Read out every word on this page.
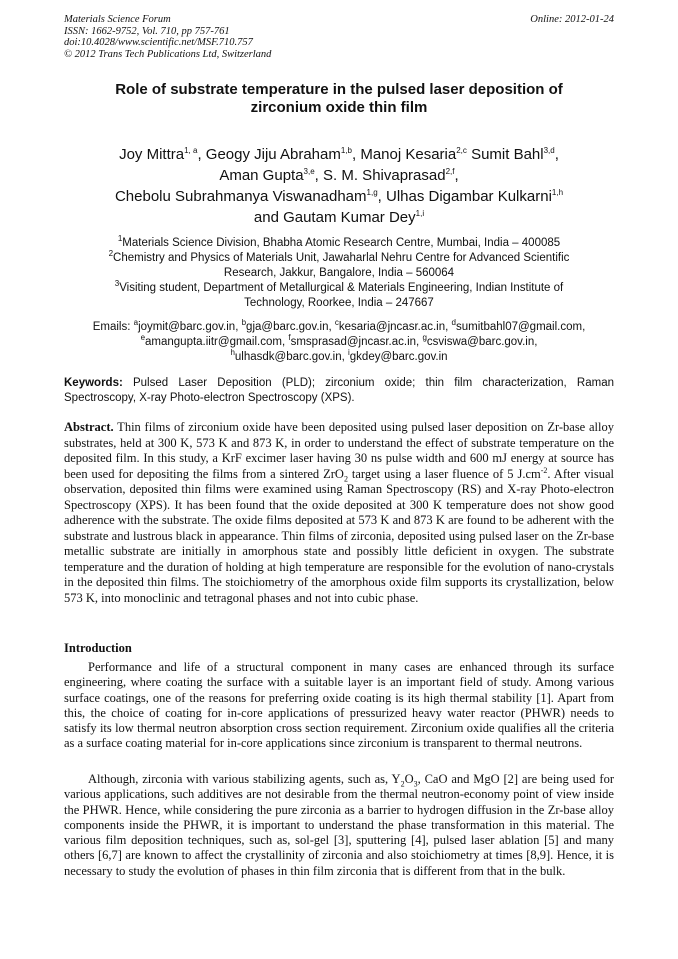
Materials Science Forum
ISSN: 1662-9752, Vol. 710, pp 757-761
doi:10.4028/www.scientific.net/MSF.710.757
© 2012 Trans Tech Publications Ltd, Switzerland
Online: 2012-01-24
Role of substrate temperature in the pulsed laser deposition of
zirconium oxide thin film
Joy Mittra$^{1, a}$, Geogy Jiju Abraham$^{1,b}$, Manoj Kesaria$^{2,c}$ Sumit Bahl$^{3,d}$,
Aman Gupta$^{3,e}$, S. M. Shivaprasad$^{2,f}$,
Chebolu Subrahmanya Viswanadham$^{1,g}$, Ulhas Digambar Kulkarni$^{1,h}$
and Gautam Kumar Dey$^{1,i}$
$^1$Materials Science Division, Bhabha Atomic Research Centre, Mumbai, India – 400085
$^2$Chemistry and Physics of Materials Unit, Jawaharlal Nehru Centre for Advanced Scientific
Research, Jakkur, Bangalore, India – 560064
$^3$Visiting student, Department of Metallurgical & Materials Engineering, Indian Institute of
Technology, Roorkee, India – 247667
Emails: $^a$joymit@barc.gov.in, $^b$gja@barc.gov.in, $^c$kesaria@jncasr.ac.in, $^d$sumitbahl07@gmail.com,
$^e$amangupta.iitr@gmail.com, $^f$smsprasad@jncasr.ac.in, $^g$csviswa@barc.gov.in,
$^h$ulhasdk@barc.gov.in, $^i$gkdey@barc.gov.in
Keywords: Pulsed Laser Deposition (PLD); zirconium oxide; thin film characterization, Raman Spectroscopy, X-ray Photo-electron Spectroscopy (XPS).
Abstract. Thin films of zirconium oxide have been deposited using pulsed laser deposition on Zr-base alloy substrates, held at 300 K, 573 K and 873 K, in order to understand the effect of substrate temperature on the deposited film. In this study, a KrF excimer laser having 30 ns pulse width and 600 mJ energy at source has been used for depositing the films from a sintered ZrO$_2$ target using a laser fluence of 5 $J.cm^{-2}$. After visual observation, deposited thin films were examined using Raman Spectroscopy (RS) and X-ray Photo-electron Spectroscopy (XPS). It has been found that the oxide deposited at 300 K temperature does not show good adherence with the substrate. The oxide films deposited at 573 K and 873 K are found to be adherent with the substrate and lustrous black in appearance. Thin films of zirconia, deposited using pulsed laser on the Zr-base metallic substrate are initially in amorphous state and possibly little deficient in oxygen. The substrate temperature and the duration of holding at high temperature are responsible for the evolution of nano-crystals in the deposited thin films. The stoichiometry of the amorphous oxide film supports its crystallization, below 573 K, into monoclinic and tetragonal phases and not into cubic phase.
Introduction
Performance and life of a structural component in many cases are enhanced through its surface engineering, where coating the surface with a suitable layer is an important field of study. Among various surface coatings, one of the reasons for preferring oxide coating is its high thermal stability [1]. Apart from this, the choice of coating for in-core applications of pressurized heavy water reactor (PHWR) needs to satisfy its low thermal neutron absorption cross section requirement. Zirconium oxide qualifies all the criteria as a surface coating material for in-core applications since zirconium is transparent to thermal neutrons.
Although, zirconia with various stabilizing agents, such as, $Y_2O_3$, CaO and MgO [2] are being used for various applications, such additives are not desirable from the thermal neutron-economy point of view inside the PHWR. Hence, while considering the pure zirconia as a barrier to hydrogen diffusion in the Zr-base alloy components inside the PHWR, it is important to understand the phase transformation in this material. The various film deposition techniques, such as, sol-gel [3], sputtering [4], pulsed laser ablation [5] and many others [6,7] are known to affect the crystallinity of zirconia and also stoichiometry at times [8,9]. Hence, it is necessary to study the evolution of phases in thin film zirconia that is different from that in the bulk.
